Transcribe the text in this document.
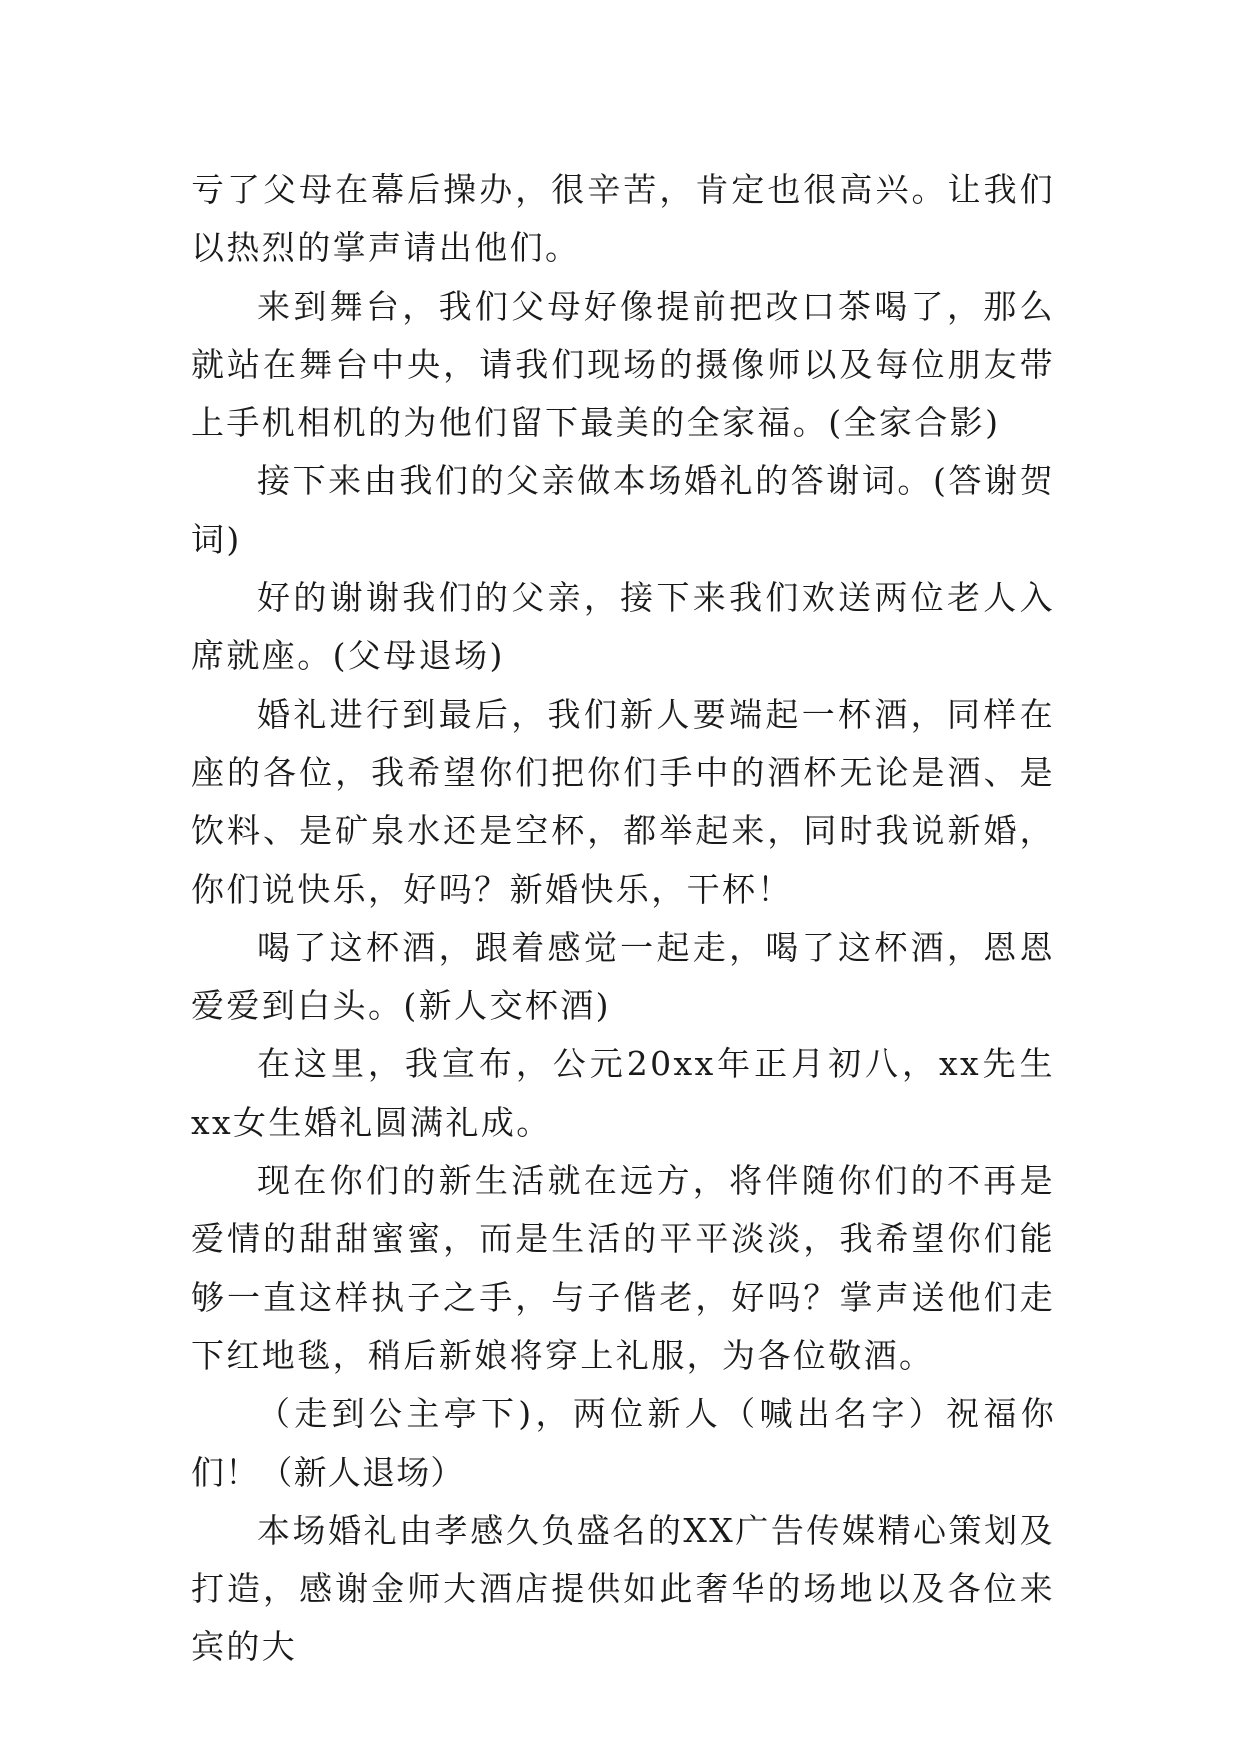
亏了父母在幕后操办，很辛苦，肯定也很高兴。让我们以热烈的掌声请出他们。

来到舞台，我们父母好像提前把改口茶喝了，那么就站在舞台中央，请我们现场的摄像师以及每位朋友带上手机相机的为他们留下最美的全家福。(全家合影)

接下来由我们的父亲做本场婚礼的答谢词。(答谢贺词)

好的谢谢我们的父亲，接下来我们欢送两位老人入席就座。(父母退场)

婚礼进行到最后，我们新人要端起一杯酒，同样在座的各位，我希望你们把你们手中的酒杯无论是酒、是饮料、是矿泉水还是空杯，都举起来，同时我说新婚，你们说快乐，好吗？新婚快乐，干杯！

喝了这杯酒，跟着感觉一起走，喝了这杯酒，恩恩爱爱到白头。(新人交杯酒)

在这里，我宣布，公元20xx年正月初八，xx先生xx女生婚礼圆满礼成。

现在你们的新生活就在远方，将伴随你们的不再是爱情的甜甜蜜蜜，而是生活的平平淡淡，我希望你们能够一直这样执子之手，与子偕老，好吗？掌声送他们走下红地毯，稍后新娘将穿上礼服，为各位敬酒。

（走到公主亭下)，两位新人（喊出名字）祝福你们！（新人退场）

本场婚礼由孝感久负盛名的XX广告传媒精心策划及打造，感谢金师大酒店提供如此奢华的场地以及各位来宾的大
